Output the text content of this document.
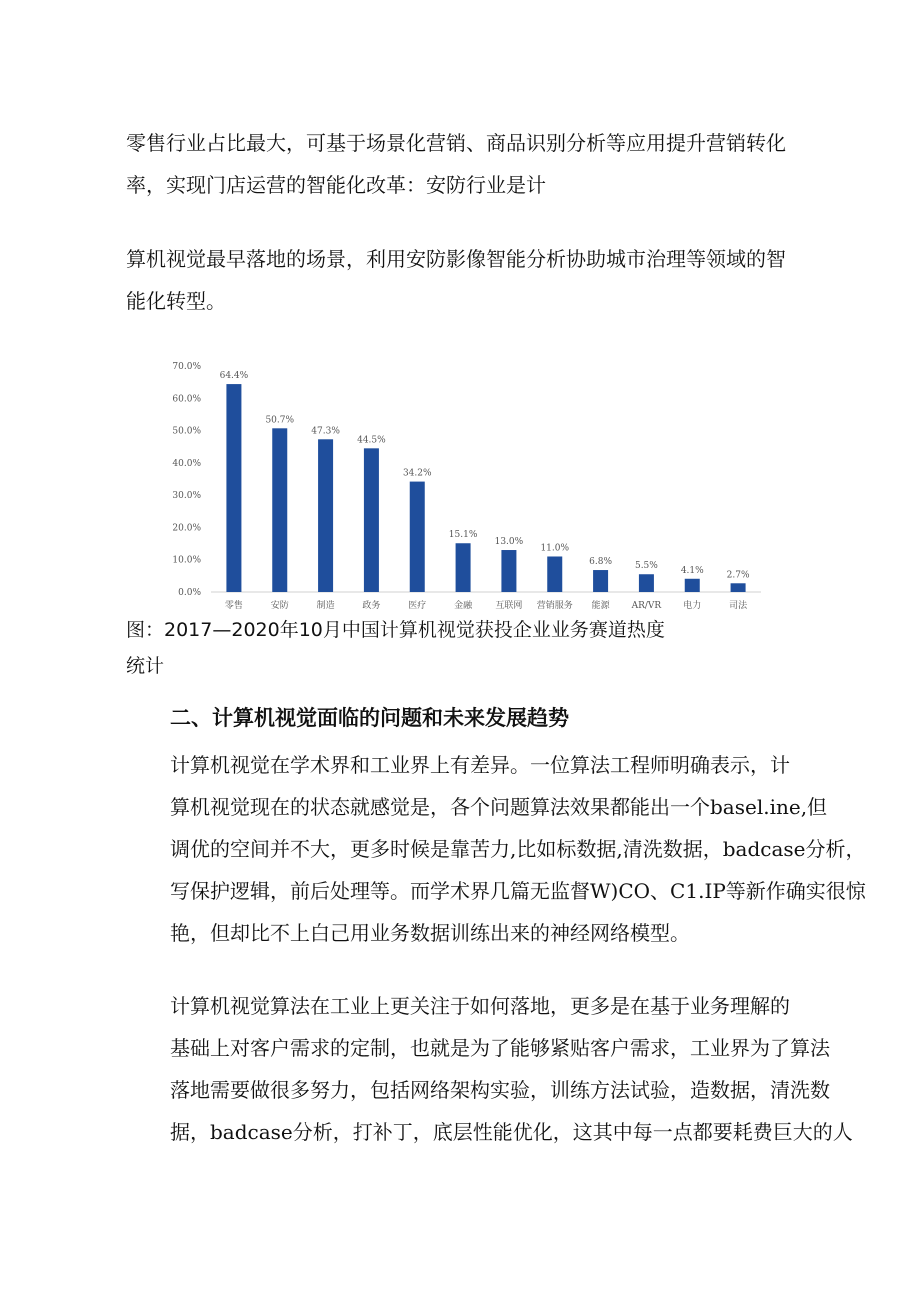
零售行业占比最大，可基于场景化营销、商品识别分析等应用提升营销转化
率，实现门店运营的智能化改革：安防行业是计

算机视觉最早落地的场景，利用安防影像智能分析协助城市治理等领域的智
能化转型。

0.0%
10.0%
20.0%
30.0%
40.0%
50.0%
60.0%
70.0%
64.4%
零售
50.7%
安防
47.3%
制造
44.5%
政务
34.2%
医疗
15.1%
金融
13.0%
互联网
11.0%
营销服务
6.8%
能源
5.5%
AR/VR
4.1%
电力
2.7%
司法

图：2017—2020年10月中国计算机视觉获投企业业务赛道热度
统计

二、计算机视觉面临的问题和未来发展趋势

计算机视觉在学术界和工业界上有差异。一位算法工程师明确表示，计
算机视觉现在的状态就感觉是，各个问题算法效果都能出一个basel.ine,但
调优的空间并不大，更多时候是靠苦力,比如标数据,清洗数据，badcase分析，
写保护逻辑，前后处理等。而学术界几篇无监督W)CO、C1.IP等新作确实很惊
艳，但却比不上白己用业务数据训练出来的神经网络模型。

计算机视觉算法在工业上更关注于如何落地，更多是在基于业务理解的
基础上对客户需求的定制，也就是为了能够紧贴客户需求，工业界为了算法
落地需要做很多努力，包括网络架构实验，训练方法试验，造数据，清洗数
据，badcase分析，打补丁，底层性能优化，这其中每一点都要耗费巨大的人
